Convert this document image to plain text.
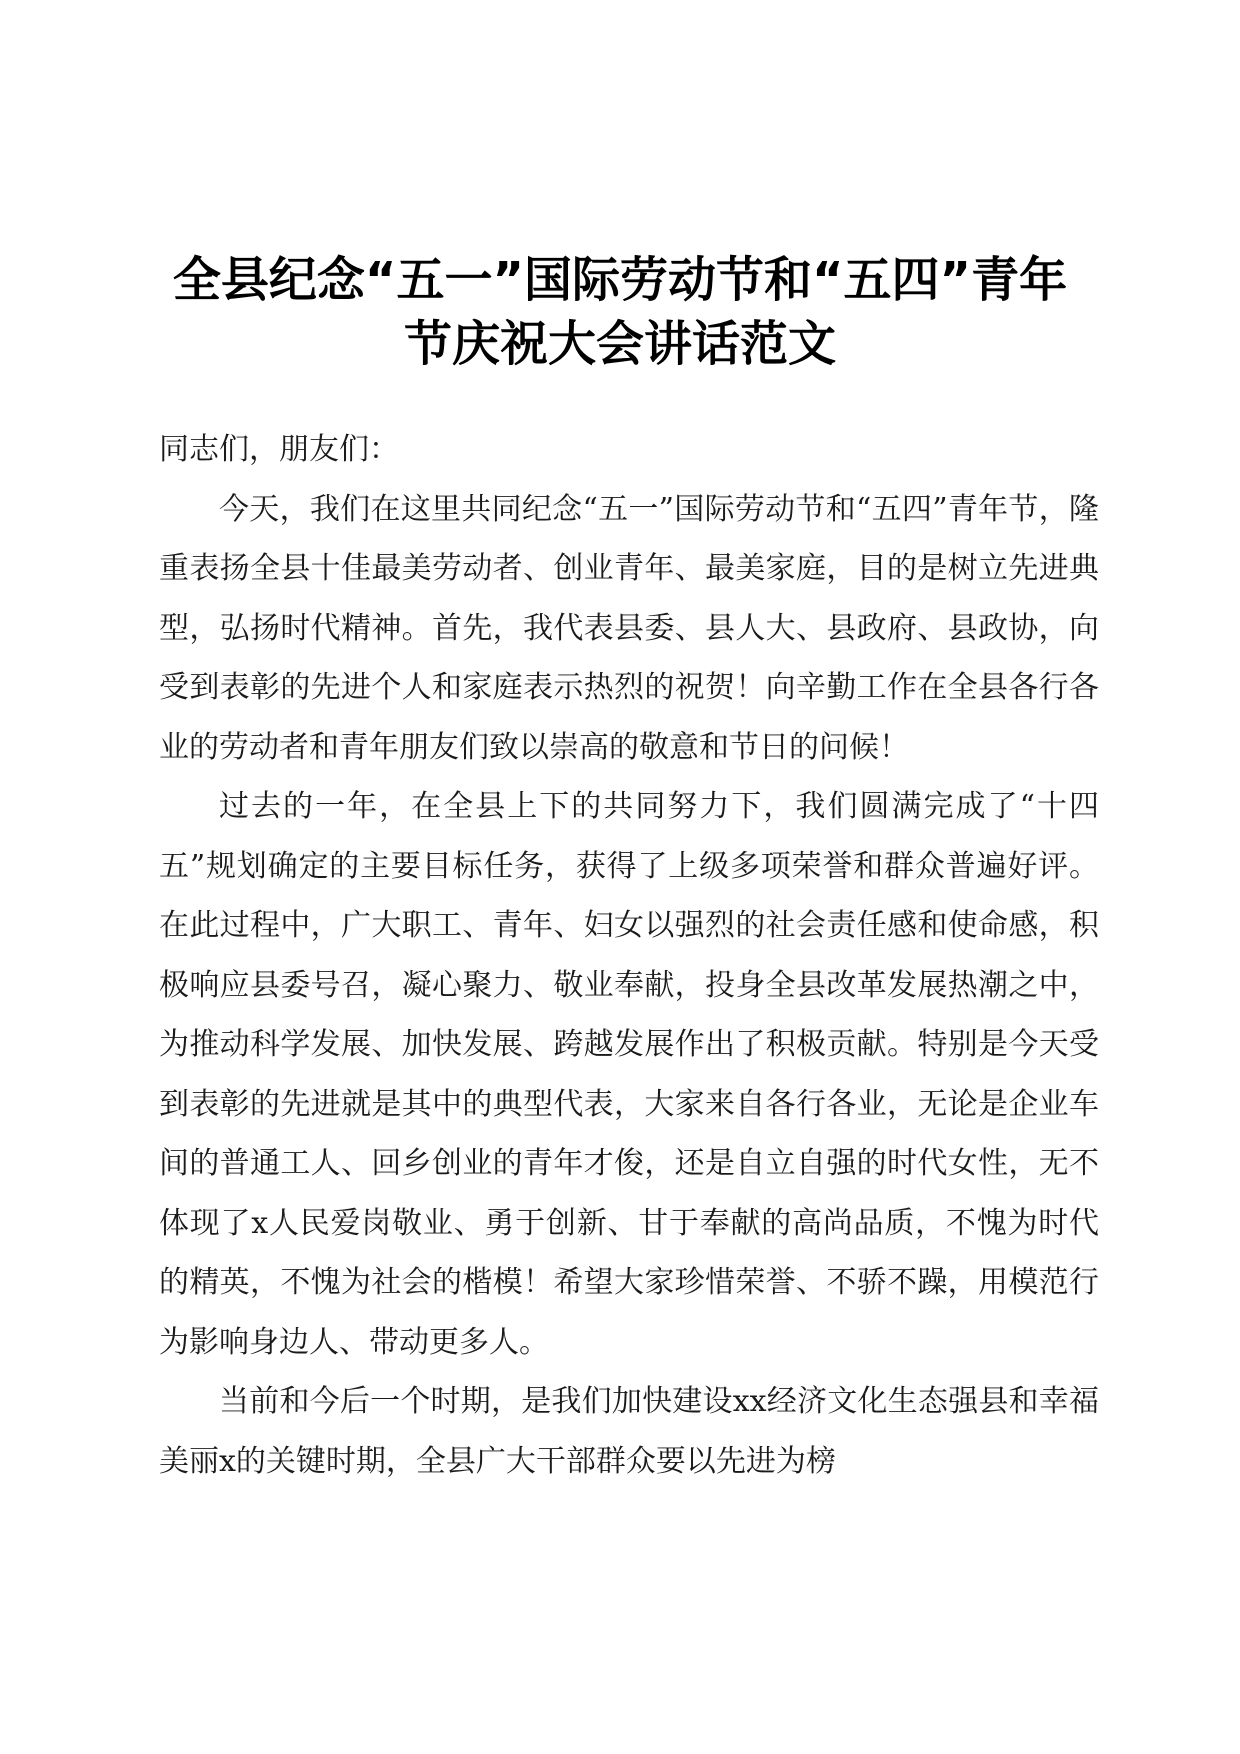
全县纪念“五一”国际劳动节和“五四”青年
节庆祝大会讲话范文

同志们，朋友们：

今天，我们在这里共同纪念“五一”国际劳动节和“五四”青年节，隆重表扬全县十佳最美劳动者、创业青年、最美家庭，目的是树立先进典型，弘扬时代精神。首先，我代表县委、县人大、县政府、县政协，向受到表彰的先进个人和家庭表示热烈的祝贺！向辛勤工作在全县各行各业的劳动者和青年朋友们致以崇高的敬意和节日的问候！

过去的一年，在全县上下的共同努力下，我们圆满完成了“十四五”规划确定的主要目标任务，获得了上级多项荣誉和群众普遍好评。在此过程中，广大职工、青年、妇女以强烈的社会责任感和使命感，积极响应县委号召，凝心聚力、敬业奉献，投身全县改革发展热潮之中，为推动科学发展、加快发展、跨越发展作出了积极贡献。特别是今天受到表彰的先进就是其中的典型代表，大家来自各行各业，无论是企业车间的普通工人、回乡创业的青年才俊，还是自立自强的时代女性，无不体现了x人民爱岗敬业、勇于创新、甘于奉献的高尚品质，不愧为时代的精英，不愧为社会的楷模！希望大家珍惜荣誉、不骄不躁，用模范行为影响身边人、带动更多人。

当前和今后一个时期，是我们加快建设xx经济文化生态强县和幸福美丽x的关键时期，全县广大干部群众要以先进为榜
